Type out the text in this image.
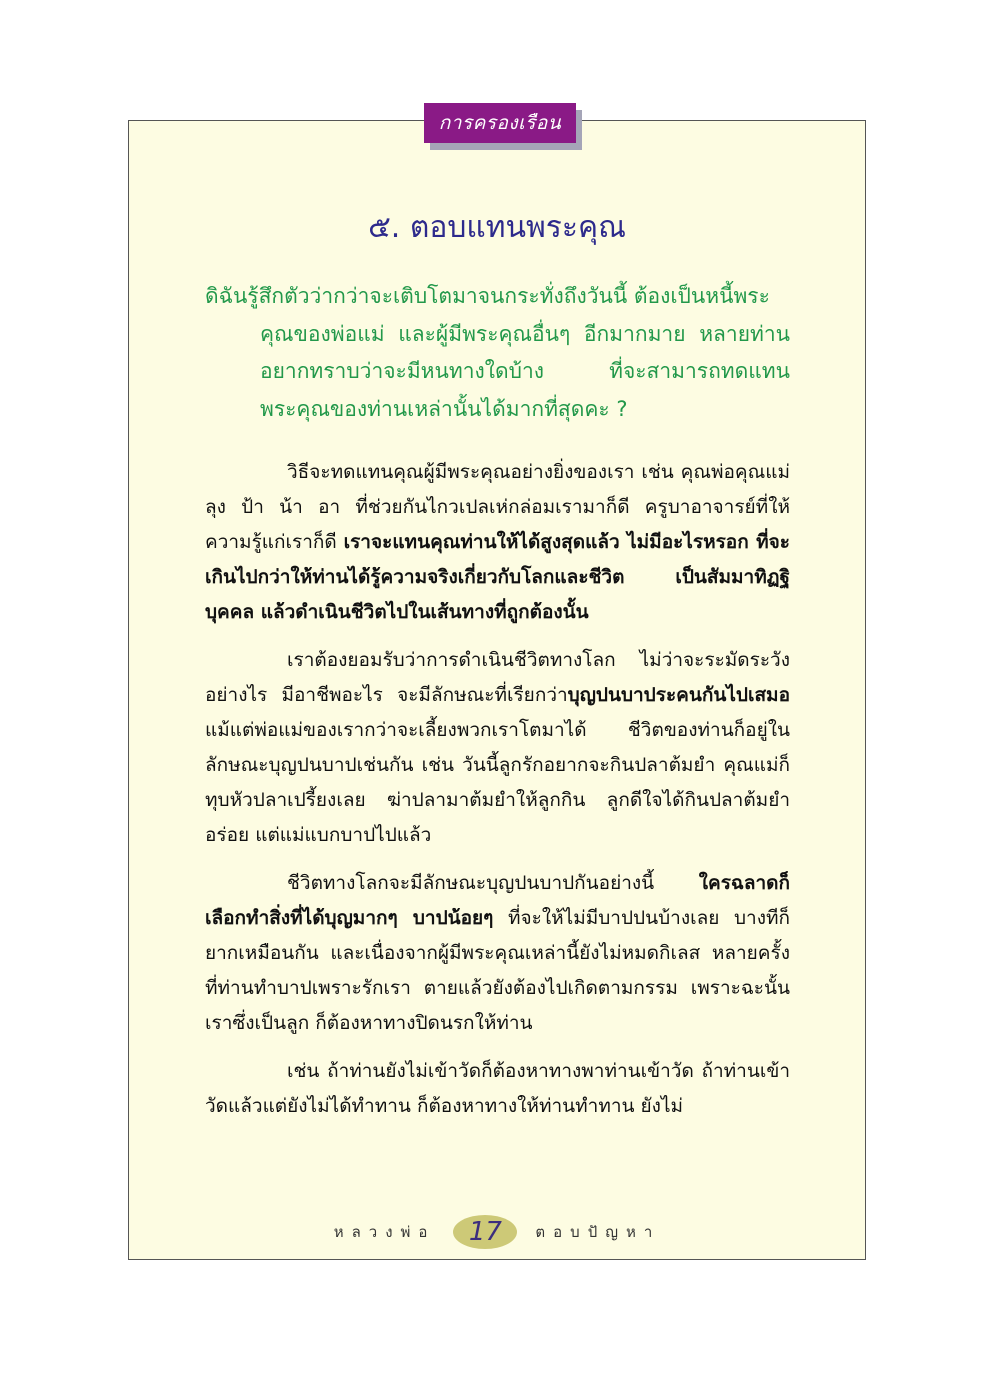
การครองเรือน
๕. ตอบแทนพระคุณ
ดิฉันรู้สึกตัวว่ากว่าจะเติบโตมาจนกระทั่งถึงวันนี้ ต้องเป็นหนี้พระ
คุณของพ่อแม่ และผู้มีพระคุณอื่นๆ อีกมากมาย หลายท่าน อยากทราบว่าจะมีหนทางใดบ้าง ที่จะสามารถทดแทนพระคุณของท่านเหล่านั้นได้มากที่สุดคะ ?

วิธีจะทดแทนคุณผู้มีพระคุณอย่างยิ่งของเรา เช่น คุณพ่อคุณแม่ ลุง ป้า น้า อา ที่ช่วยกันไกวเปลเห่กล่อมเรามาก็ดี ครูบาอาจารย์ที่ให้ความรู้แก่เราก็ดี เราจะแทนคุณท่านให้ได้สูงสุดแล้ว ไม่มีอะไรหรอก ที่จะเกินไปกว่าให้ท่านได้รู้ความจริงเกี่ยวกับโลกและชีวิต เป็นสัมมาทิฏฐิบุคคล แล้วดำเนินชีวิตไปในเส้นทางที่ถูกต้องนั้น

เราต้องยอมรับว่าการดำเนินชีวิตทางโลก ไม่ว่าจะระมัดระวังอย่างไร มีอาชีพอะไร จะมีลักษณะที่เรียกว่าบุญปนบาประคนกันไปเสมอ แม้แต่พ่อแม่ของเรากว่าจะเลี้ยงพวกเราโตมาได้ ชีวิตของท่านก็อยู่ในลักษณะบุญปนบาปเช่นกัน เช่น วันนี้ลูกรักอยากจะกินปลาต้มยำ คุณแม่ก็ทุบหัวปลาเปรี้ยงเลย ฆ่าปลามาต้มยำให้ลูกกิน ลูกดีใจได้กินปลาต้มยำอร่อย แต่แม่แบกบาปไปแล้ว

ชีวิตทางโลกจะมีลักษณะบุญปนบาปกันอย่างนี้ ใครฉลาดก็เลือกทำสิ่งที่ได้บุญมากๆ บาปน้อยๆ ที่จะให้ไม่มีบาปปนบ้างเลย บางทีก็ยากเหมือนกัน และเนื่องจากผู้มีพระคุณเหล่านี้ยังไม่หมดกิเลส หลายครั้งที่ท่านทำบาปเพราะรักเรา ตายแล้วยังต้องไปเกิดตามกรรม เพราะฉะนั้นเราซึ่งเป็นลูก ก็ต้องหาทางปิดนรกให้ท่าน

เช่น ถ้าท่านยังไม่เข้าวัดก็ต้องหาทางพาท่านเข้าวัด ถ้าท่านเข้าวัดแล้วแต่ยังไม่ได้ทำทาน ก็ต้องหาทางให้ท่านทำทาน ยังไม่

หลวงพ่อ	17	ตอบปัญหา
